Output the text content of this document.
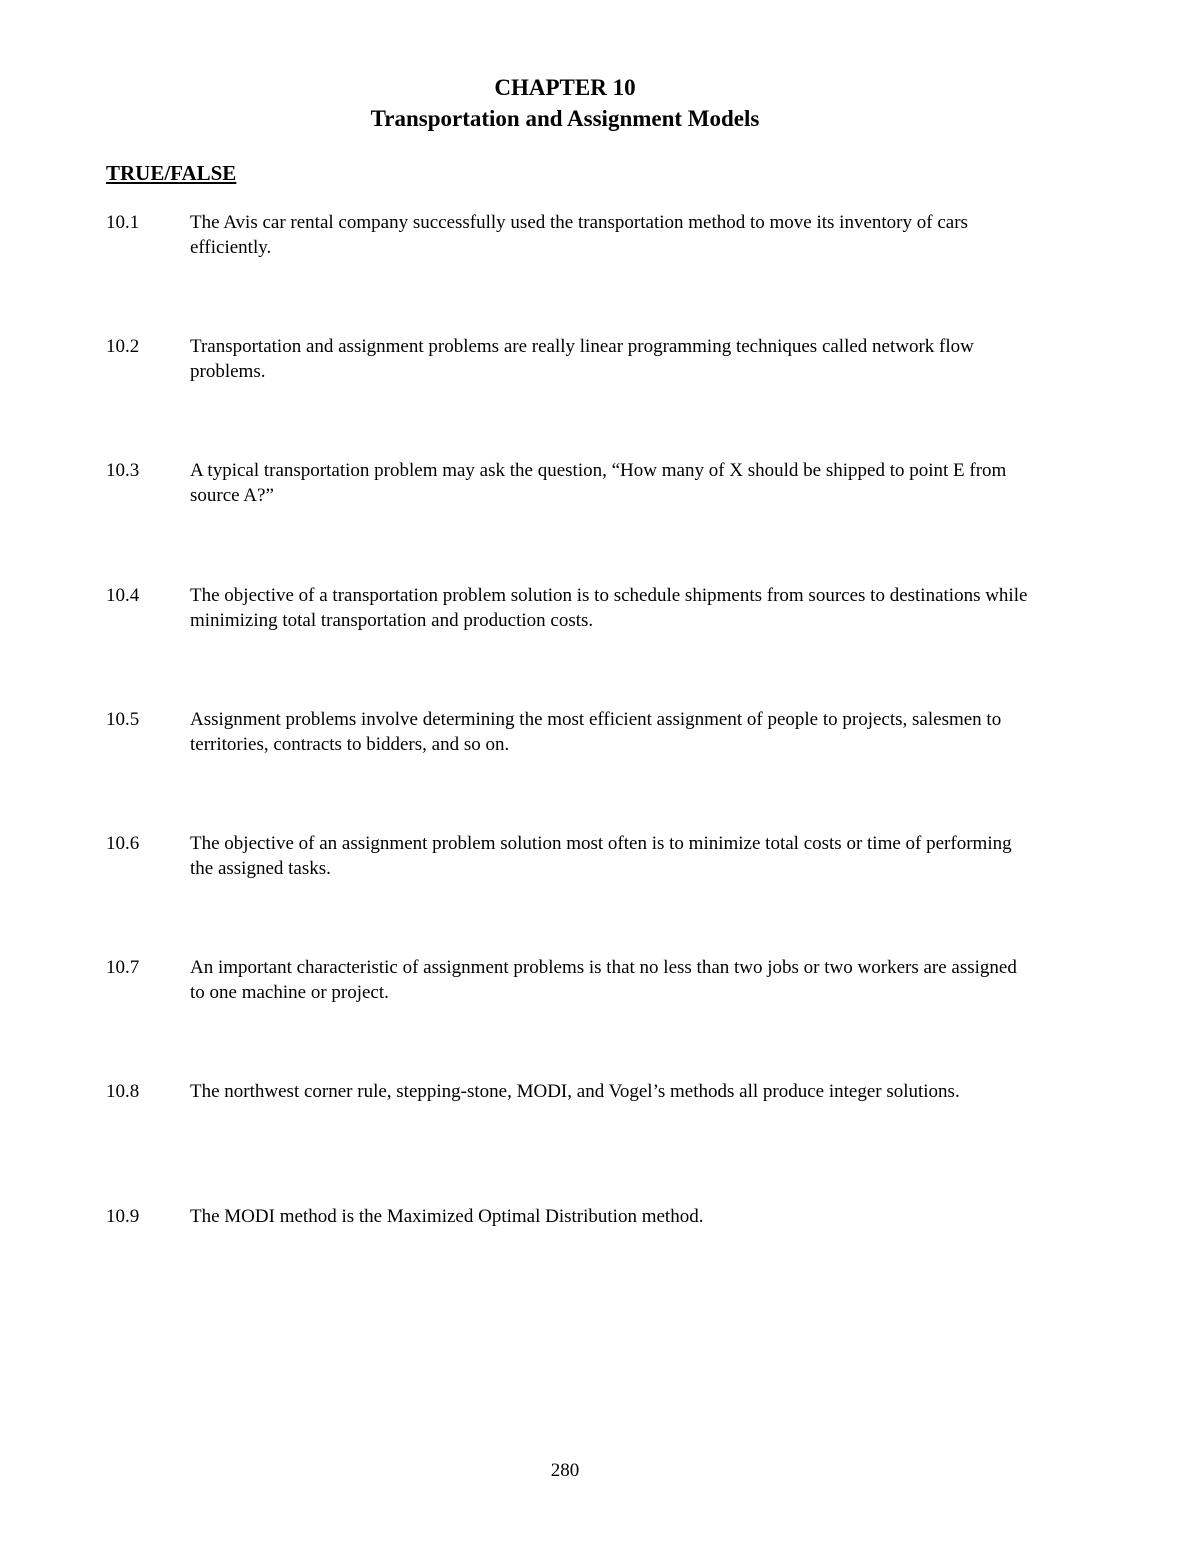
CHAPTER 10
Transportation and Assignment Models
TRUE/FALSE
10.1	The Avis car rental company successfully used the transportation method to move its inventory of cars efficiently.
10.2	Transportation and assignment problems are really linear programming techniques called network flow problems.
10.3	A typical transportation problem may ask the question, “How many of X should be shipped to point E from source A?”
10.4	The objective of a transportation problem solution is to schedule shipments from sources to destinations while minimizing total transportation and production costs.
10.5	Assignment problems involve determining the most efficient assignment of people to projects, salesmen to territories, contracts to bidders, and so on.
10.6	The objective of an assignment problem solution most often is to minimize total costs or time of performing the assigned tasks.
10.7	An important characteristic of assignment problems is that no less than two jobs or two workers are assigned to one machine or project.
10.8	The northwest corner rule, stepping-stone, MODI, and Vogel’s methods all produce integer solutions.
10.9	The MODI method is the Maximized Optimal Distribution method.
280
